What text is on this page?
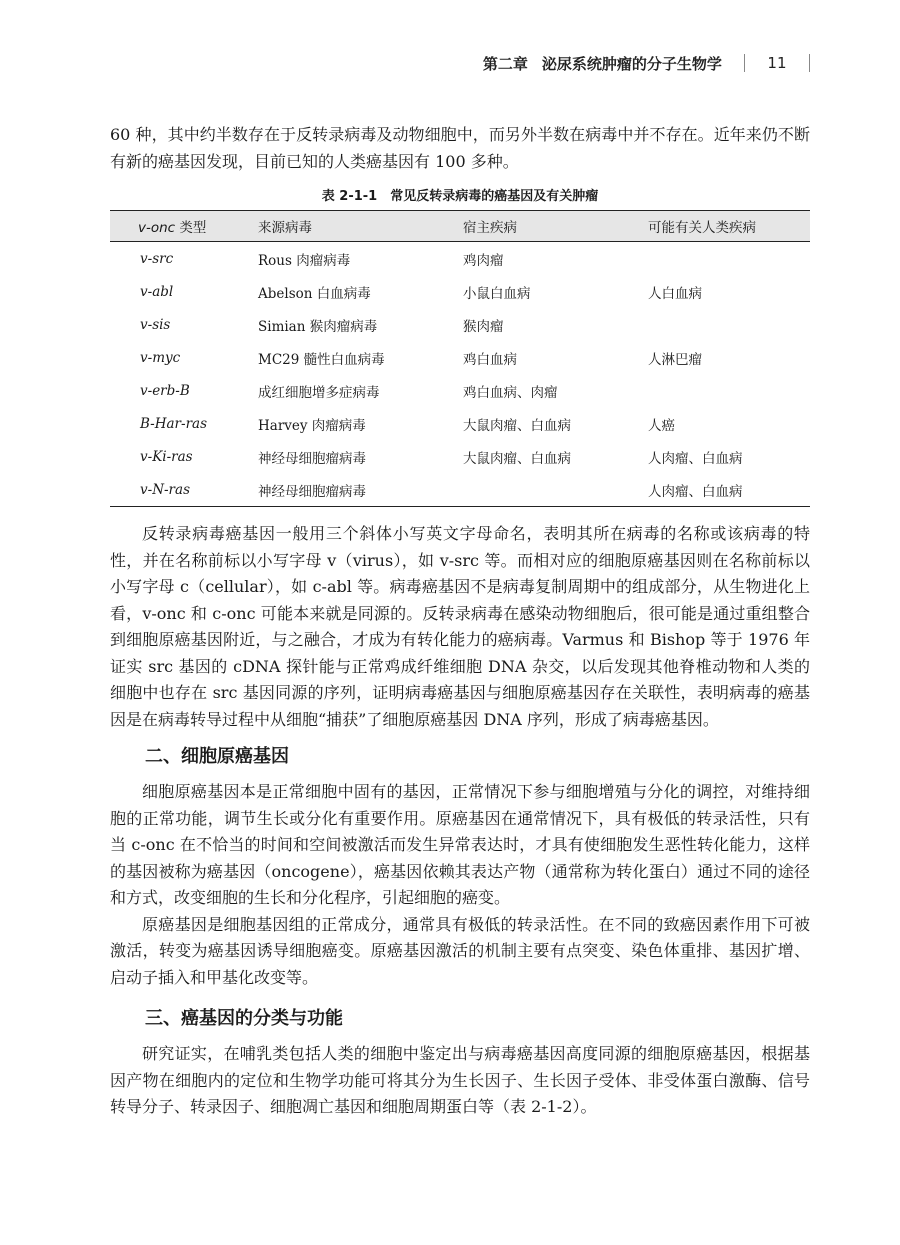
第二章 泌尿系统肿瘤的分子生物学	11

60 种，其中约半数存在于反转录病毒及动物细胞中，而另外半数在病毒中并不存在。近年来仍不断有新的癌基因发现，目前已知的人类癌基因有 100 多种。

表 2-1-1　常见反转录病毒的癌基因及有关肿瘤
v-onc 类型	来源病毒	宿主疾病	可能有关人类疾病
v-src	Rous 肉瘤病毒	鸡肉瘤	
v-abl	Abelson 白血病毒	小鼠白血病	人白血病
v-sis	Simian 猴肉瘤病毒	猴肉瘤	
v-myc	MC29 髓性白血病毒	鸡白血病	人淋巴瘤
v-erb-B	成红细胞增多症病毒	鸡白血病、肉瘤	
B-Har-ras	Harvey 肉瘤病毒	大鼠肉瘤、白血病	人癌
v-Ki-ras	神经母细胞瘤病毒	大鼠肉瘤、白血病	人肉瘤、白血病
v-N-ras	神经母细胞瘤病毒		人肉瘤、白血病

反转录病毒癌基因一般用三个斜体小写英文字母命名，表明其所在病毒的名称或该病毒的特性，并在名称前标以小写字母 v（virus），如 v-src 等。而相对应的细胞原癌基因则在名称前标以小写字母 c（cellular），如 c-abl 等。病毒癌基因不是病毒复制周期中的组成部分，从生物进化上看，v-onc 和 c-onc 可能本来就是同源的。反转录病毒在感染动物细胞后，很可能是通过重组整合到细胞原癌基因附近，与之融合，才成为有转化能力的癌病毒。Varmus 和 Bishop 等于 1976 年证实 src 基因的 cDNA 探针能与正常鸡成纤维细胞 DNA 杂交，以后发现其他脊椎动物和人类的细胞中也存在 src 基因同源的序列，证明病毒癌基因与细胞原癌基因存在关联性，表明病毒的癌基因是在病毒转导过程中从细胞“捕获”了细胞原癌基因 DNA 序列，形成了病毒癌基因。

二、细胞原癌基因

细胞原癌基因本是正常细胞中固有的基因，正常情况下参与细胞增殖与分化的调控，对维持细胞的正常功能，调节生长或分化有重要作用。原癌基因在通常情况下，具有极低的转录活性，只有当 c-onc 在不恰当的时间和空间被激活而发生异常表达时，才具有使细胞发生恶性转化能力，这样的基因被称为癌基因（oncogene），癌基因依赖其表达产物（通常称为转化蛋白）通过不同的途径和方式，改变细胞的生长和分化程序，引起细胞的癌变。

原癌基因是细胞基因组的正常成分，通常具有极低的转录活性。在不同的致癌因素作用下可被激活，转变为癌基因诱导细胞癌变。原癌基因激活的机制主要有点突变、染色体重排、基因扩增、启动子插入和甲基化改变等。

三、癌基因的分类与功能

研究证实，在哺乳类包括人类的细胞中鉴定出与病毒癌基因高度同源的细胞原癌基因，根据基因产物在细胞内的定位和生物学功能可将其分为生长因子、生长因子受体、非受体蛋白激酶、信号转导分子、转录因子、细胞凋亡基因和细胞周期蛋白等（表 2-1-2）。
